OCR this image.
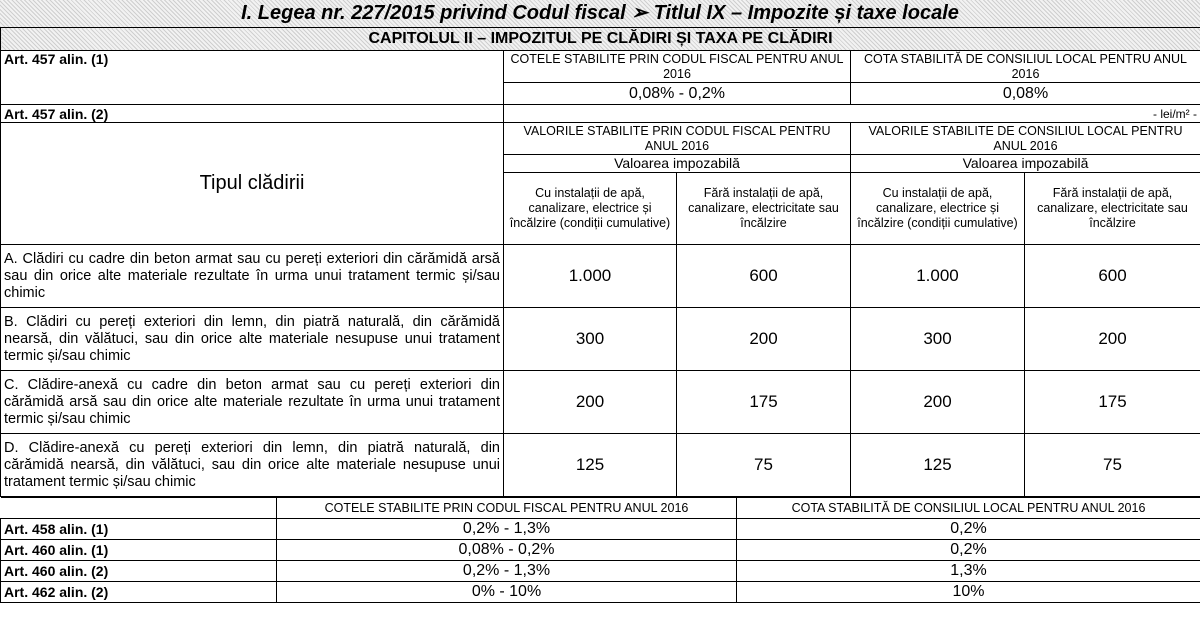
I. Legea nr. 227/2015 privind Codul fiscal ➢ Titlul IX – Impozite și taxe locale
CAPITOLUL II – IMPOZITUL PE CLĂDIRI ȘI TAXA PE CLĂDIRI				
Art. 457 alin. (1)	COTELE STABILITE PRIN CODUL FISCAL PENTRU ANUL 2016		COTA STABILITĂ DE CONSILIUL LOCAL PENTRU ANUL 2016	
	0,08% - 0,2%		0,08%	
Art. 457 alin. (2)	- lei/m² -			
Tipul clădirii	VALORILE STABILITE PRIN CODUL FISCAL PENTRU ANUL 2016		VALORILE STABILITE DE CONSILIUL LOCAL PENTRU ANUL 2016	
	Valoarea impozabilă		Valoarea impozabilă	
	Cu instalații de apă, canalizare, electrice și încălzire (condiții cumulative)	Fără instalații de apă, canalizare, electricitate sau încălzire	Cu instalații de apă, canalizare, electrice și încălzire (condiții cumulative)	Fără instalații de apă, canalizare, electricitate sau încălzire
A. Clădiri cu cadre din beton armat sau cu pereți exteriori din cărămidă arsă sau din orice alte materiale rezultate în urma unui tratament termic și/sau chimic	1.000	600	1.000	600
B. Clădiri cu pereți exteriori din lemn, din piatră naturală, din cărămidă nearsă, din vălătuci, sau din orice alte materiale nesupuse unui tratament termic și/sau chimic	300	200	300	200
C. Clădire-anexă cu cadre din beton armat sau cu pereți exteriori din cărămidă arsă sau din orice alte materiale rezultate în urma unui tratament termic și/sau chimic	200	175	200	175
D. Clădire-anexă cu pereți exteriori din lemn, din piatră naturală, din cărămidă nearsă, din vălătuci, sau din orice alte materiale nesupuse unui tratament termic și/sau chimic	125	75	125	75
	COTELE STABILITE PRIN CODUL FISCAL PENTRU ANUL 2016	COTA STABILITĂ DE CONSILIUL LOCAL PENTRU ANUL 2016
Art. 458 alin. (1)	0,2% - 1,3%	0,2%
Art. 460 alin. (1)	0,08% - 0,2%	0,2%
Art. 460 alin. (2)	0,2% - 1,3%	1,3%
Art. 462 alin. (2)	0% - 10%	10%
